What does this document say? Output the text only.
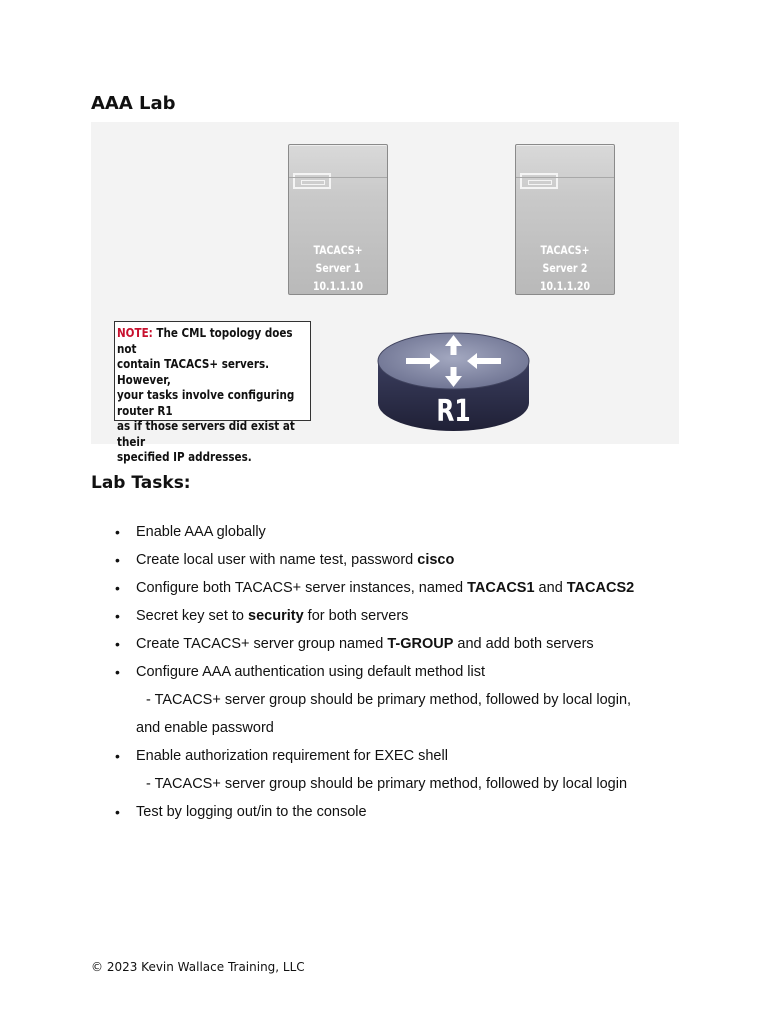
AAA Lab
TACACS+ Server 1
10.1.1.10
TACACS+ Server 2
10.1.1.20
NOTE: The CML topology does not
contain TACACS+ servers. However,
your tasks involve configuring router R1
as if those servers did exist at their
specified IP addresses.
R1
Lab Tasks:
• Enable AAA globally
• Create local user with name test, password cisco
• Configure both TACACS+ server instances, named TACACS1 and TACACS2
• Secret key set to security for both servers
• Create TACACS+ server group named T-GROUP and add both servers
• Configure AAA authentication using default method list
- TACACS+ server group should be primary method, followed by local login,
and enable password
• Enable authorization requirement for EXEC shell
- TACACS+ server group should be primary method, followed by local login
• Test by logging out/in to the console

© 2023 Kevin Wallace Training, LLC
